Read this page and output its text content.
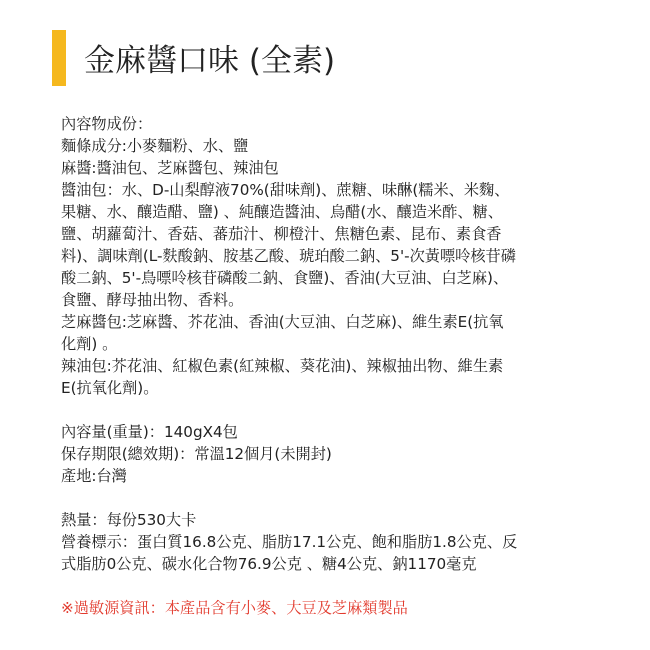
金麻醬口味 (全素)

內容物成份：

麵條成分:小麥麵粉、水、鹽

麻醬:醬油包、芝麻醬包、辣油包

醬油包：水、D-山梨醇液70%(甜味劑)、蔗糖、味醂(糯米、米麴、

果糖、水、釀造醋、鹽) 、純釀造醬油、烏醋(水、釀造米酢、糖、

鹽、胡蘿蔔汁、香菇、蕃茄汁、柳橙汁、焦糖色素、昆布、素食香

料)、調味劑(L-麩酸鈉、胺基乙酸、琥珀酸二鈉、5'-次黃嘌呤核苷磷

酸二鈉、5'-鳥嘌呤核苷磷酸二鈉、食鹽)、香油(大豆油、白芝麻)、

食鹽、酵母抽出物、香料。

芝麻醬包:芝麻醬、芥花油、香油(大豆油、白芝麻)、維生素E(抗氧

化劑) 。

辣油包:芥花油、紅椒色素(紅辣椒、葵花油)、辣椒抽出物、維生素

E(抗氧化劑)。

內容量(重量)：140gX4包

保存期限(總效期)：常溫12個月(未開封)

產地:台灣

熱量：每份530大卡

營養標示：蛋白質16.8公克、脂肪17.1公克、飽和脂肪1.8公克、反

式脂肪0公克、碳水化合物76.9公克 、糖4公克、鈉1170毫克

※過敏源資訊：本產品含有小麥、大豆及芝麻類製品
